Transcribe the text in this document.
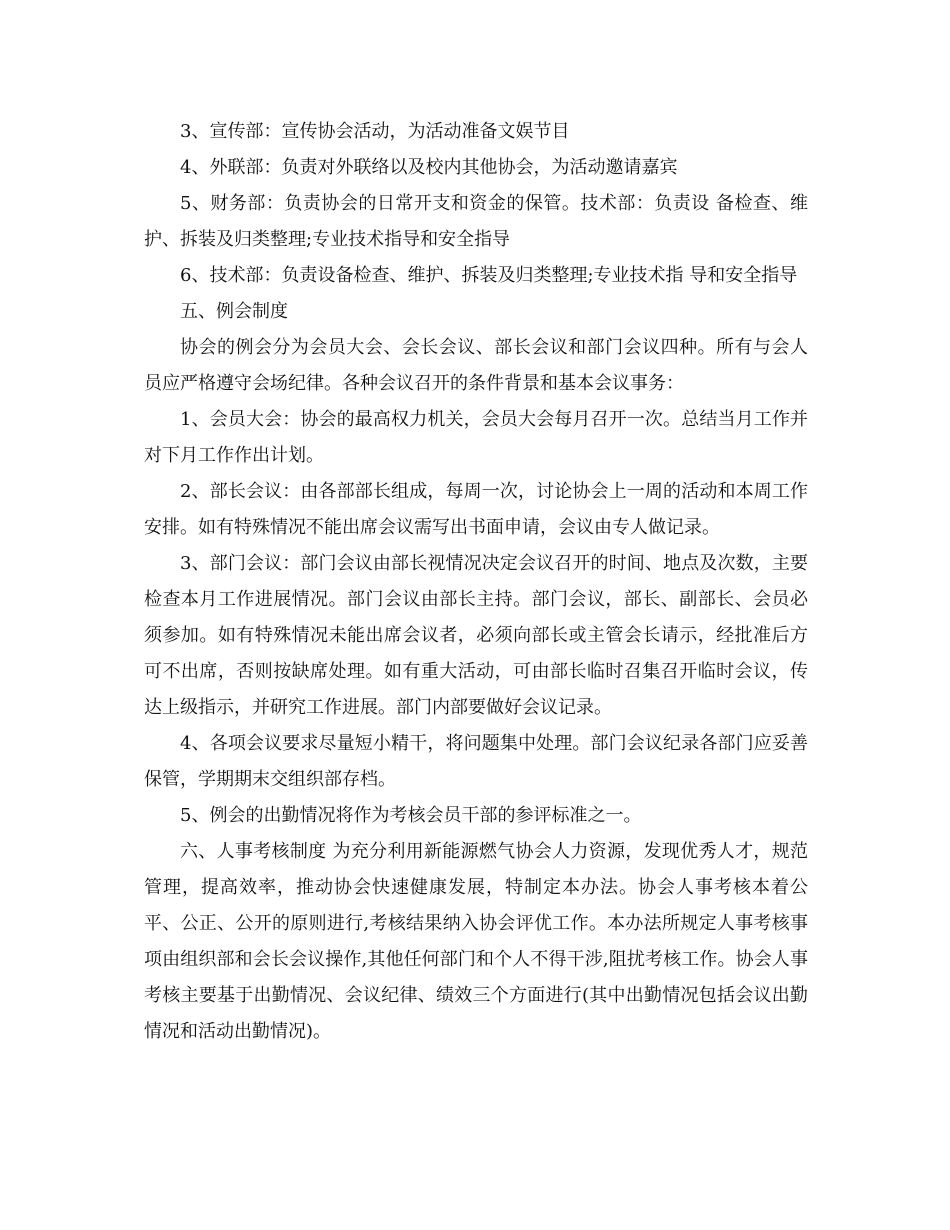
3、宣传部：宣传协会活动，为活动准备文娱节目

4、外联部：负责对外联络以及校内其他协会，为活动邀请嘉宾

5、财务部：负责协会的日常开支和资金的保管。技术部：负责设 备检查、维护、拆装及归类整理;专业技术指导和安全指导

6、技术部：负责设备检查、维护、拆装及归类整理;专业技术指 导和安全指导

五、例会制度

协会的例会分为会员大会、会长会议、部长会议和部门会议四种。所有与会人员应严格遵守会场纪律。各种会议召开的条件背景和基本会议事务：

1、会员大会：协会的最高权力机关，会员大会每月召开一次。总结当月工作并对下月工作作出计划。

2、部长会议：由各部部长组成，每周一次，讨论协会上一周的活动和本周工作安排。如有特殊情况不能出席会议需写出书面申请，会议由专人做记录。

3、部门会议：部门会议由部长视情况决定会议召开的时间、地点及次数，主要检查本月工作进展情况。部门会议由部长主持。部门会议，部长、副部长、会员必须参加。如有特殊情况未能出席会议者，必须向部长或主管会长请示，经批准后方可不出席，否则按缺席处理。如有重大活动，可由部长临时召集召开临时会议，传达上级指示，并研究工作进展。部门内部要做好会议记录。

4、各项会议要求尽量短小精干，将问题集中处理。部门会议纪录各部门应妥善保管，学期期末交组织部存档。

5、例会的出勤情况将作为考核会员干部的参评标准之一。

六、人事考核制度 为充分利用新能源燃气协会人力资源，发现优秀人才，规范管理，提高效率，推动协会快速健康发展，特制定本办法。协会人事考核本着公平、公正、公开的原则进行,考核结果纳入协会评优工作。本办法所规定人事考核事项由组织部和会长会议操作,其他任何部门和个人不得干涉,阻扰考核工作。协会人事考核主要基于出勤情况、会议纪律、绩效三个方面进行(其中出勤情况包括会议出勤情况和活动出勤情况)。
